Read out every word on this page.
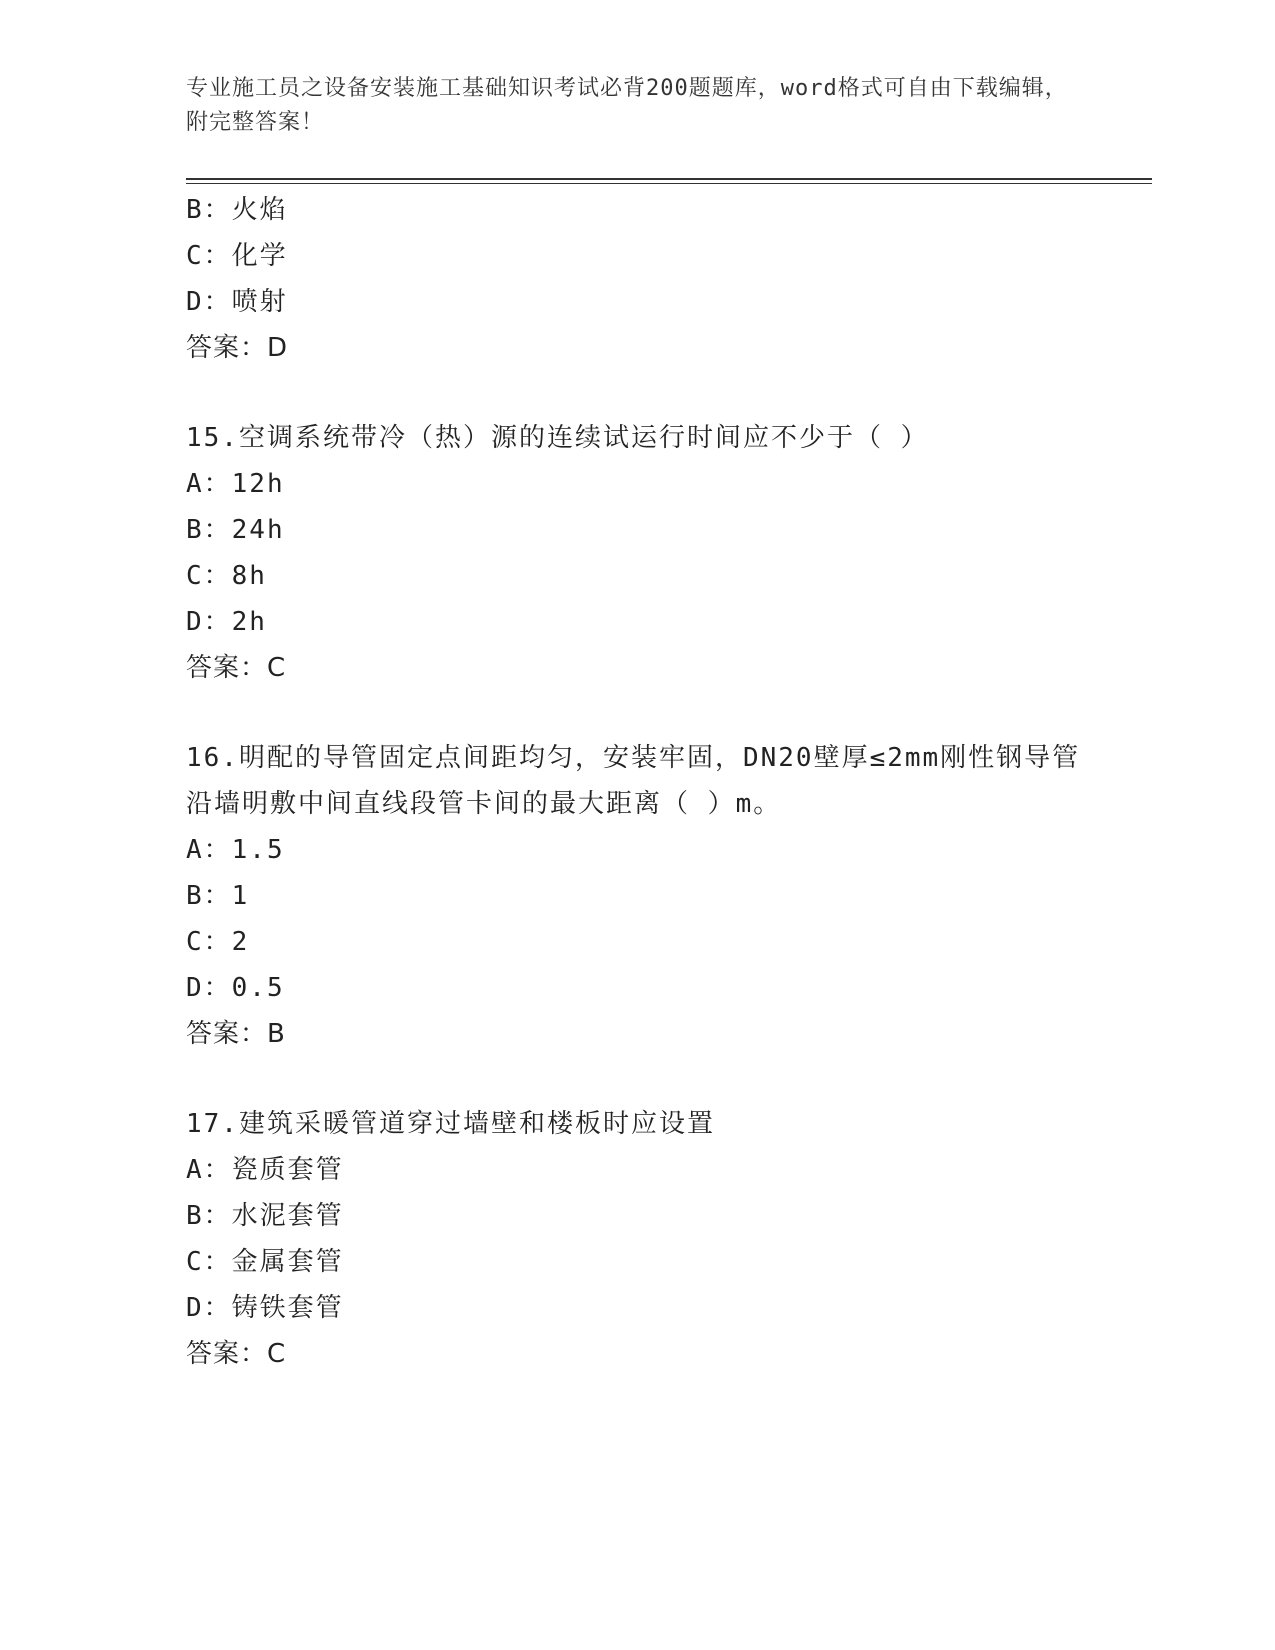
专业施工员之设备安装施工基础知识考试必背200题题库，word格式可自由下载编辑，附完整答案！
B：火焰
C：化学
D：喷射
答案：D
15.空调系统带冷（热）源的连续试运行时间应不少于（ ）
A：12h
B：24h
C：8h
D：2h
答案：C
16.明配的导管固定点间距均匀，安装牢固，DN20壁厚≤2mm刚性钢导管沿墙明敷中间直线段管卡间的最大距离（ ）m。
A：1.5
B：1
C：2
D：0.5
答案：B
17.建筑采暖管道穿过墙壁和楼板时应设置
A：瓷质套管
B：水泥套管
C：金属套管
D：铸铁套管
答案：C
